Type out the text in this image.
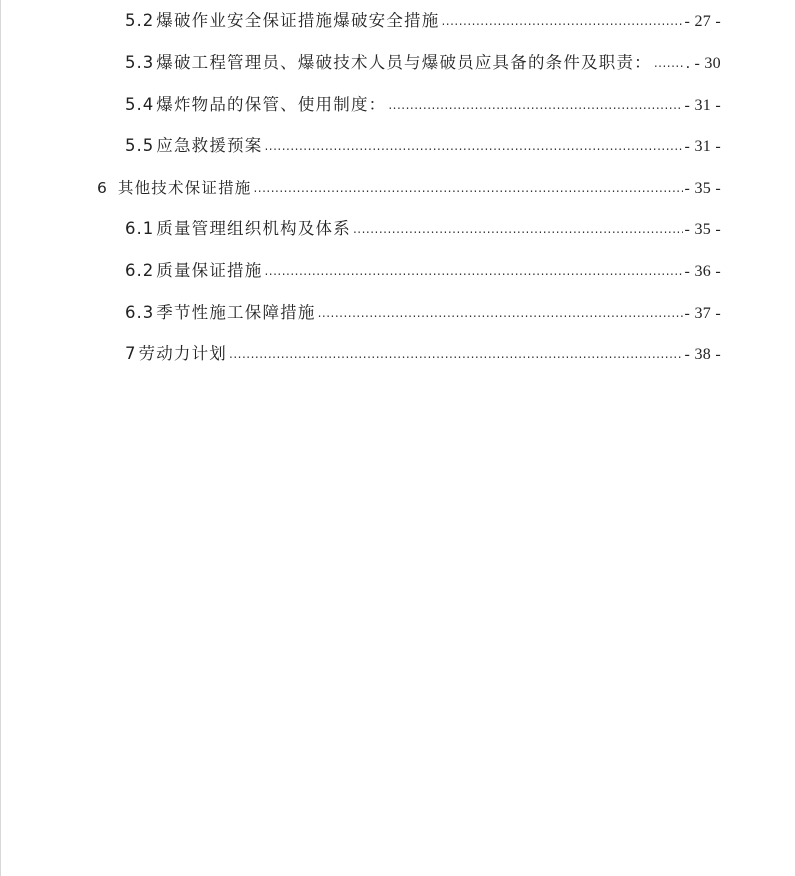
5.2 爆破作业安全保证措施爆破安全措施 .....	- 27 -
5.3 爆破工程管理员、爆破技术人员与爆破员应具备的条件及职责： ..... . - 30
5.4 爆炸物品的保管、使用制度： .....	- 31 -
5.5 应急救援预案 .....	- 31 -
6 其他技术保证措施 .....	- 35 -
6.1 质量管理组织机构及体系 .....	- 35 -
6.2 质量保证措施 .....	- 36 -
6.3 季节性施工保障措施 .....	- 37 -
7 劳动力计划 .....	- 38 -
